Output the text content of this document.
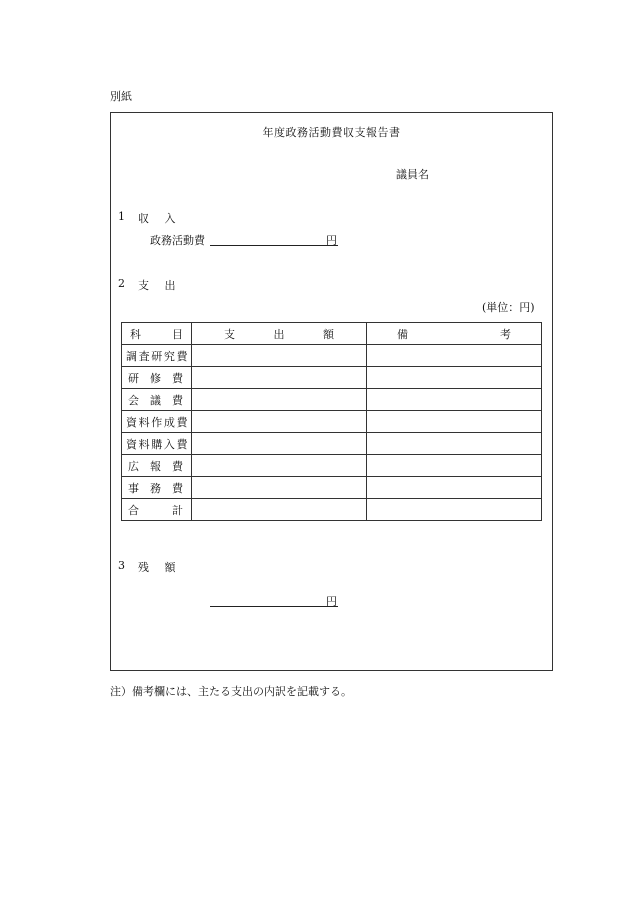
別紙
年度政務活動費収支報告書
議員名
1 収 入
政務活動費	円
2 支 出
(単位：円)
科 目	支 出 額	備 考

調査研究費		
研 修 費		
会 議 費		
資料作成費		
資料購入費		
広 報 費		
事 務 費		
合 計		
3 残 額
円
注）備考欄には、主たる支出の内訳を記載する。
